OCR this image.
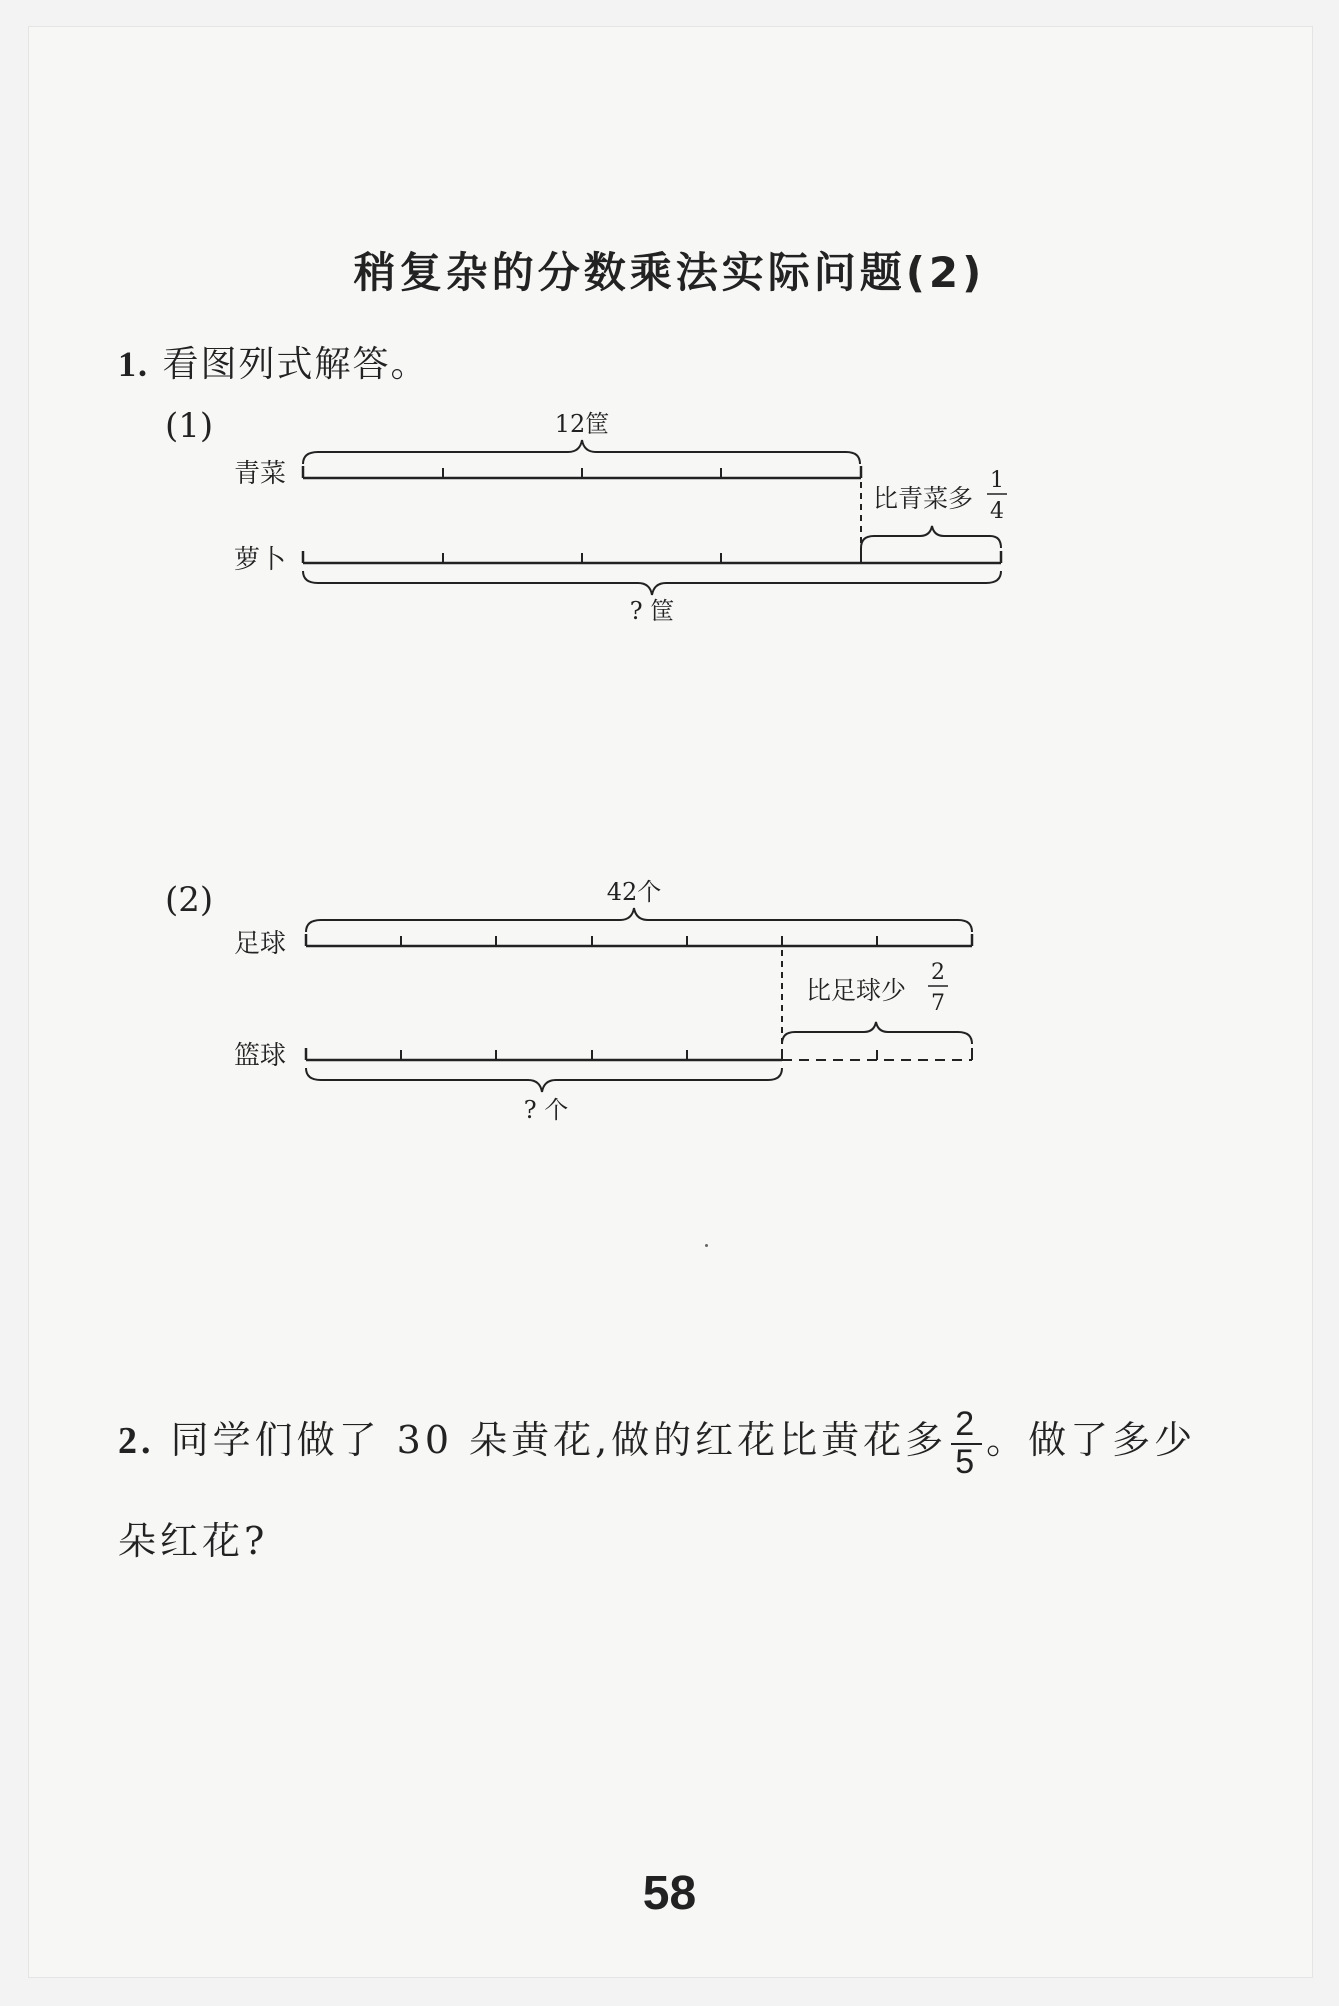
稍复杂的分数乘法实际问题(2)
1. 看图列式解答。
(1)
(2)
青菜
萝卜
12筐
比青菜多
1
4
? 筐
足球
篮球
42个
比足球少
2
7
? 个
2. 同学们做了 30 朵黄花,做的红花比黄花多 $\frac{2}{5}$ 。做了多少朵红花?
58
